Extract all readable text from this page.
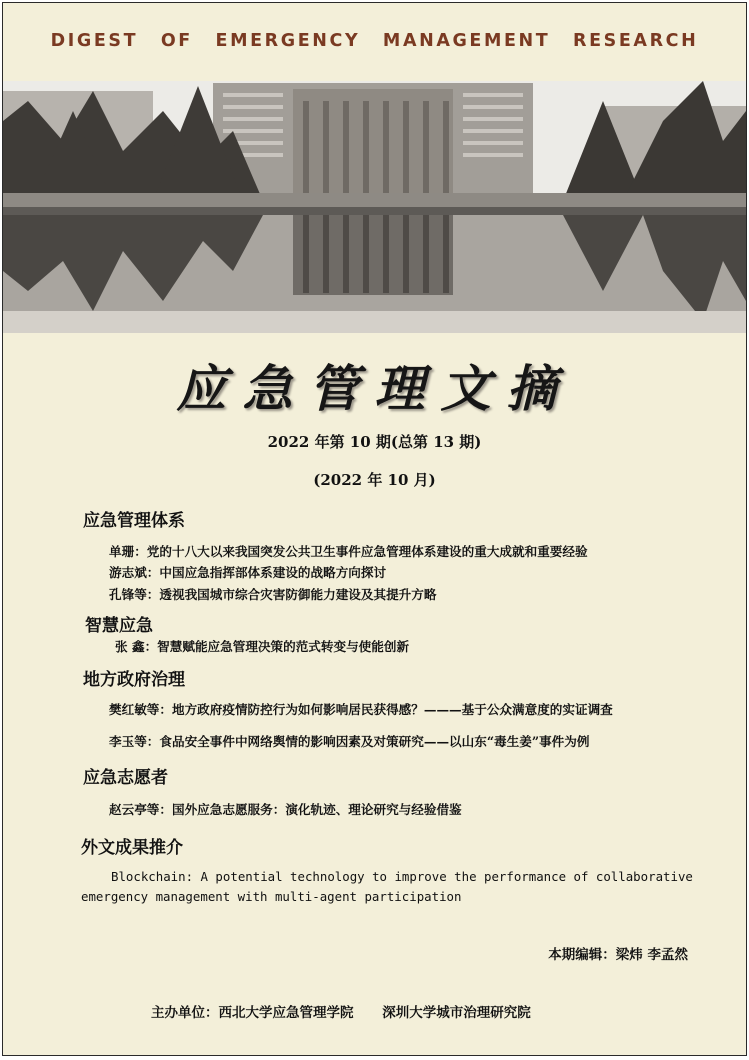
DIGEST OF EMERGENCY MANAGEMENT RESEARCH
应急管理文摘
2022 年第 10 期(总第 13 期)
(2022 年 10 月)
应急管理体系
单珊：党的十八大以来我国突发公共卫生事件应急管理体系建设的重大成就和重要经验
游志斌：中国应急指挥部体系建设的战略方向探讨
孔锋等：透视我国城市综合灾害防御能力建设及其提升方略
智慧应急
张 鑫：智慧赋能应急管理决策的范式转变与使能创新
地方政府治理
樊红敏等：地方政府疫情防控行为如何影响居民获得感？———基于公众满意度的实证调查
李玉等：食品安全事件中网络舆情的影响因素及对策研究——以山东“毒生姜”事件为例
应急志愿者
赵云亭等：国外应急志愿服务：演化轨迹、理论研究与经验借鉴
外文成果推介
Blockchain: A potential technology to improve the performance of collaborative emergency management with multi-agent participation
本期编辑：梁炜 李孟然
主办单位：西北大学应急管理学院 深圳大学城市治理研究院
